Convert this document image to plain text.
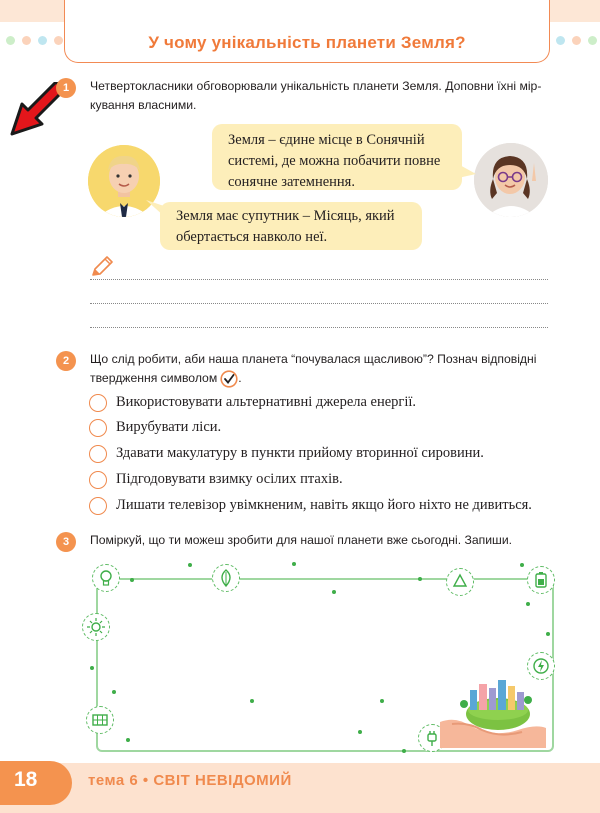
У чому унікальність планети Земля?
1	Четвертокласники обговорювали унікальність планети Земля. Доповни їхні мір-
кування власними.
Земля – єдине місце в Сонячній
системі, де можна побачити повне
сонячне затемнення.
Земля має супутник – Місяць, який
обертається навколо неї.
2	Що слід робити, аби наша планета “почувалася щасливою”? Познач відповідні
твердження символом .
Використовувати альтернативні джерела енергії.
Вирубувати ліси.
Здавати макулатуру в пункти прийому вторинної сировини.
Підгодовувати взимку осілих птахів.
Лишати телевізор увімкненим, навіть якщо його ніхто не дивиться.
3	Поміркуй, що ти можеш зробити для нашої планети вже сьогодні. Запиши.
18	тема 6 • СВІТ НЕВІДОМИЙ
